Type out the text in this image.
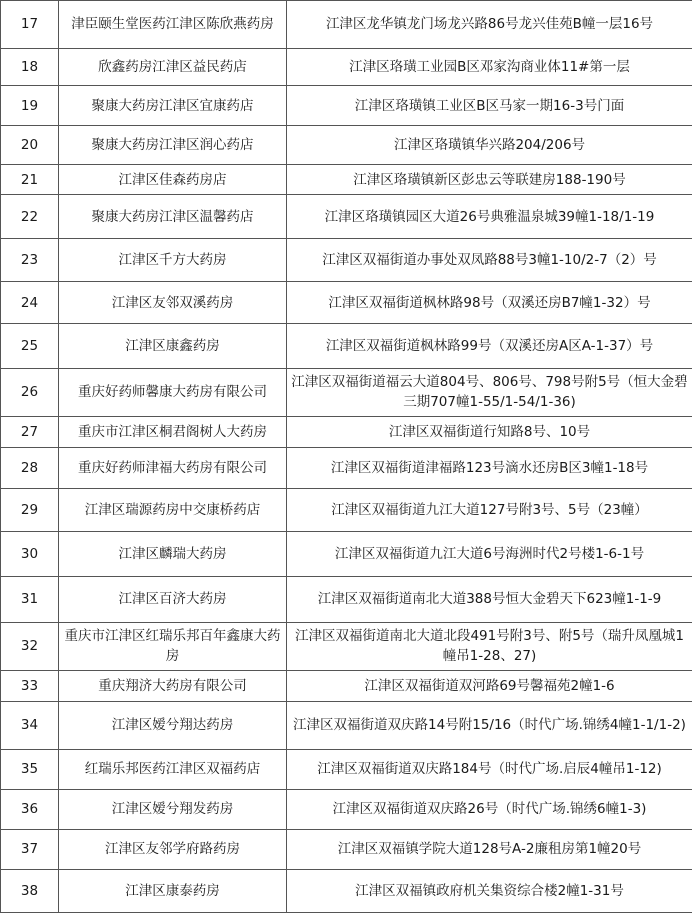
17	津臣颐生堂医药江津区陈欣燕药房	江津区龙华镇龙门场龙兴路86号龙兴佳苑B幢一层16号
18	欣鑫药房江津区益民药店	江津区珞璜工业园B区邓家沟商业体11#第一层
19	聚康大药房江津区宜康药店	江津区珞璜镇工业区B区马家一期16-3号门面
20	聚康大药房江津区润心药店	江津区珞璜镇华兴路204/206号
21	江津区佳森药房店	江津区珞璜镇新区彭忠云等联建房188-190号
22	聚康大药房江津区温馨药店	江津区珞璜镇园区大道26号典雅温泉城39幢1-18/1-19
23	江津区千方大药房	江津区双福街道办事处双凤路88号3幢1-10/2-7（2）号
24	江津区友邻双溪药房	江津区双福街道枫林路98号（双溪还房B7幢1-32）号
25	江津区康鑫药房	江津区双福街道枫林路99号（双溪还房A区A-1-37）号
26	重庆好药师馨康大药房有限公司	江津区双福街道福云大道804号、806号、798号附5号（恒大金碧三期707幢1-55/1-54/1-36)
27	重庆市江津区桐君阁树人大药房	江津区双福街道行知路8号、10号
28	重庆好药师津福大药房有限公司	江津区双福街道津福路123号滴水还房B区3幢1-18号
29	江津区瑞源药房中交康桥药店	江津区双福街道九江大道127号附3号、5号（23幢）
30	江津区麟瑞大药房	江津区双福街道九江大道6号海洲时代2号楼1-6-1号
31	江津区百济大药房	江津区双福街道南北大道388号恒大金碧天下623幢1-1-9
32	重庆市江津区红瑞乐邦百年鑫康大药房	江津区双福街道南北大道北段491号附3号、附5号（瑞升凤凰城1幢吊1-28、27)
33	重庆翔济大药房有限公司	江津区双福街道双河路69号馨福苑2幢1-6
34	江津区嫒兮翔达药房	江津区双福街道双庆路14号附15/16（时代广场.锦绣4幢1-1/1-2)
35	红瑞乐邦医药江津区双福药店	江津区双福街道双庆路184号（时代广场.启辰4幢吊1-12)
36	江津区嫒兮翔发药房	江津区双福街道双庆路26号（时代广场.锦绣6幢1-3)
37	江津区友邻学府路药房	江津区双福镇学院大道128号A-2廉租房第1幢20号
38	江津区康泰药房	江津区双福镇政府机关集资综合楼2幢1-31号
